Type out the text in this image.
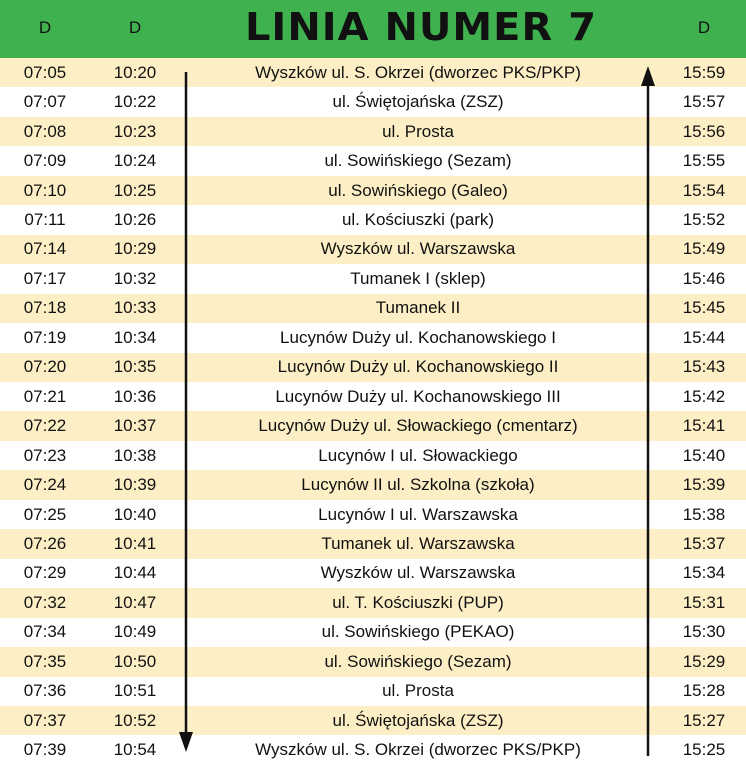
D	D	LINIA NUMER 7	D
07:05	10:20	Wyszków ul. S. Okrzei (dworzec PKS/PKP)	15:59
07:07	10:22	ul. Świętojańska (ZSZ)	15:57
07:08	10:23	ul. Prosta	15:56
07:09	10:24	ul. Sowińskiego (Sezam)	15:55
07:10	10:25	ul. Sowińskiego (Galeo)	15:54
07:11	10:26	ul. Kościuszki (park)	15:52
07:14	10:29	Wyszków ul. Warszawska	15:49
07:17	10:32	Tumanek I (sklep)	15:46
07:18	10:33	Tumanek II	15:45
07:19	10:34	Lucynów Duży ul. Kochanowskiego I	15:44
07:20	10:35	Lucynów Duży ul. Kochanowskiego II	15:43
07:21	10:36	Lucynów Duży ul. Kochanowskiego III	15:42
07:22	10:37	Lucynów Duży ul. Słowackiego (cmentarz)	15:41
07:23	10:38	Lucynów I ul. Słowackiego	15:40
07:24	10:39	Lucynów II ul. Szkolna (szkoła)	15:39
07:25	10:40	Lucynów I ul. Warszawska	15:38
07:26	10:41	Tumanek ul. Warszawska	15:37
07:29	10:44	Wyszków ul. Warszawska	15:34
07:32	10:47	ul. T. Kościuszki (PUP)	15:31
07:34	10:49	ul. Sowińskiego (PEKAO)	15:30
07:35	10:50	ul. Sowińskiego (Sezam)	15:29
07:36	10:51	ul. Prosta	15:28
07:37	10:52	ul. Świętojańska (ZSZ)	15:27
07:39	10:54	Wyszków ul. S. Okrzei (dworzec PKS/PKP)	15:25
